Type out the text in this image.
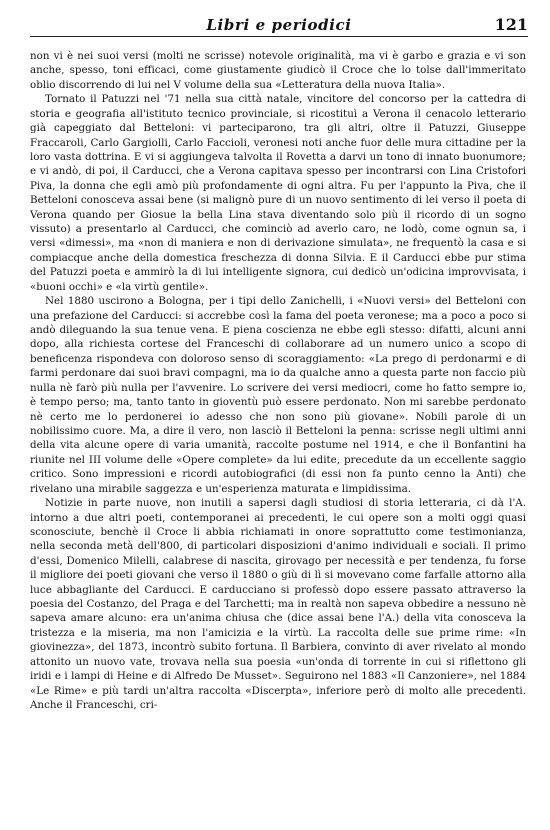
Libri e periodici	121

non vi è nei suoi versi (molti ne scrisse) notevole originalità, ma vi è garbo e grazia e vi son anche, spesso, toni efficaci, come giustamente giudicò il Croce che lo tolse dall'immeritato oblio discorrendo di lui nel V volume della sua «Letteratura della nuova Italia».

Tornato il Patuzzi nel '71 nella sua città natale, vincitore del concorso per la cattedra di storia e geografia all'istituto tecnico provinciale, si ricostituì a Verona il cenacolo letterario già capeggiato dal Betteloni: vi parteciparono, tra gli altri, oltre il Patuzzi, Giuseppe Fraccaroli, Carlo Gargiolli, Carlo Faccioli, veronesi noti anche fuor delle mura cittadine per la loro vasta dottrina. E vi si aggiungeva talvolta il Rovetta a darvi un tono di innato buonumore; e vi andò, di poi, il Carducci, che a Verona capitava spesso per incontrarsi con Lina Cristofori Piva, la donna che egli amò più profondamente di ogni altra. Fu per l'appunto la Piva, che il Betteloni conosceva assai bene (si malignò pure di un nuovo sentimento di lei verso il poeta di Verona quando per Giosue la bella Lina stava diventando solo più il ricordo di un sogno vissuto) a presentarlo al Carducci, che cominciò ad averlo caro, ne lodò, come ognun sa, i versi «dimessi», ma «non di maniera e non di derivazione simulata», ne frequentò la casa e si compiacque anche della domestica freschezza di donna Silvia. E il Carducci ebbe pur stima del Patuzzi poeta e ammirò la di lui intelligente signora, cui dedicò un'odicina improvvisata, i «buoni occhi» e «la virtù gentile».

Nel 1880 uscirono a Bologna, per i tipi dello Zanichelli, i «Nuovi versi» del Betteloni con una prefazione del Carducci: si accrebbe così la fama del poeta veronese; ma a poco a poco si andò dileguando la sua tenue vena. E piena coscienza ne ebbe egli stesso: difatti, alcuni anni dopo, alla richiesta cortese del Franceschi di collaborare ad un numero unico a scopo di beneficenza rispondeva con doloroso senso di scoraggiamento: «La prego di perdonarmi e di farmi perdonare dai suoi bravi compagni, ma io da qualche anno a questa parte non faccio più nulla nè farò più nulla per l'avvenire. Lo scrivere dei versi mediocri, come ho fatto sempre io, è tempo perso; ma, tanto tanto in gioventù può essere perdonato. Non mi sarebbe perdonato nè certo me lo perdonerei io adesso che non sono più giovane». Nobili parole di un nobilissimo cuore. Ma, a dire il vero, non lasciò il Betteloni la penna: scrisse negli ultimi anni della vita alcune opere di varia umanità, raccolte postume nel 1914, e che il Bonfantini ha riunite nel III volume delle «Opere complete» da lui edite, precedute da un eccellente saggio critico. Sono impressioni e ricordi autobiografici (di essi non fa punto cenno la Anti) che rivelano una mirabile saggezza e un'esperienza maturata e limpidissima.

Notizie in parte nuove, non inutili a sapersi dagli studiosi di storia letteraria, ci dà l'A. intorno a due altri poeti, contemporanei ai precedenti, le cui opere son a molti oggi quasi sconosciute, benchè il Croce li abbia richiamati in onore soprattutto come testimonianza, nella seconda metà dell'800, di particolari disposizioni d'animo individuali e sociali. Il primo d'essi, Domenico Milelli, calabrese di nascita, girovago per necessità e per tendenza, fu forse il migliore dei poeti giovani che verso il 1880 o giù di lì si movevano come farfalle attorno alla luce abbagliante del Carducci. E carducciano si professò dopo essere passato attraverso la poesia del Costanzo, del Praga e del Tarchetti; ma in realtà non sapeva obbedire a nessuno nè sapeva amare alcuno: era un'anima chiusa che (dice assai bene l'A.) della vita conosceva la tristezza e la miseria, ma non l'amicizia e la virtù. La raccolta delle sue prime rime: «In giovinezza», del 1873, incontrò subito fortuna. Il Barbiera, convinto di aver rivelato al mondo attonito un nuovo vate, trovava nella sua poesia «un'onda di torrente in cui si riflettono gli iridi e i lampi di Heine e di Alfredo De Musset». Seguirono nel 1883 «Il Canzoniere», nel 1884 «Le Rime» e più tardi un'altra raccolta «Discerpta», inferiore però di molto alle precedenti. Anche il Franceschi, cri-
